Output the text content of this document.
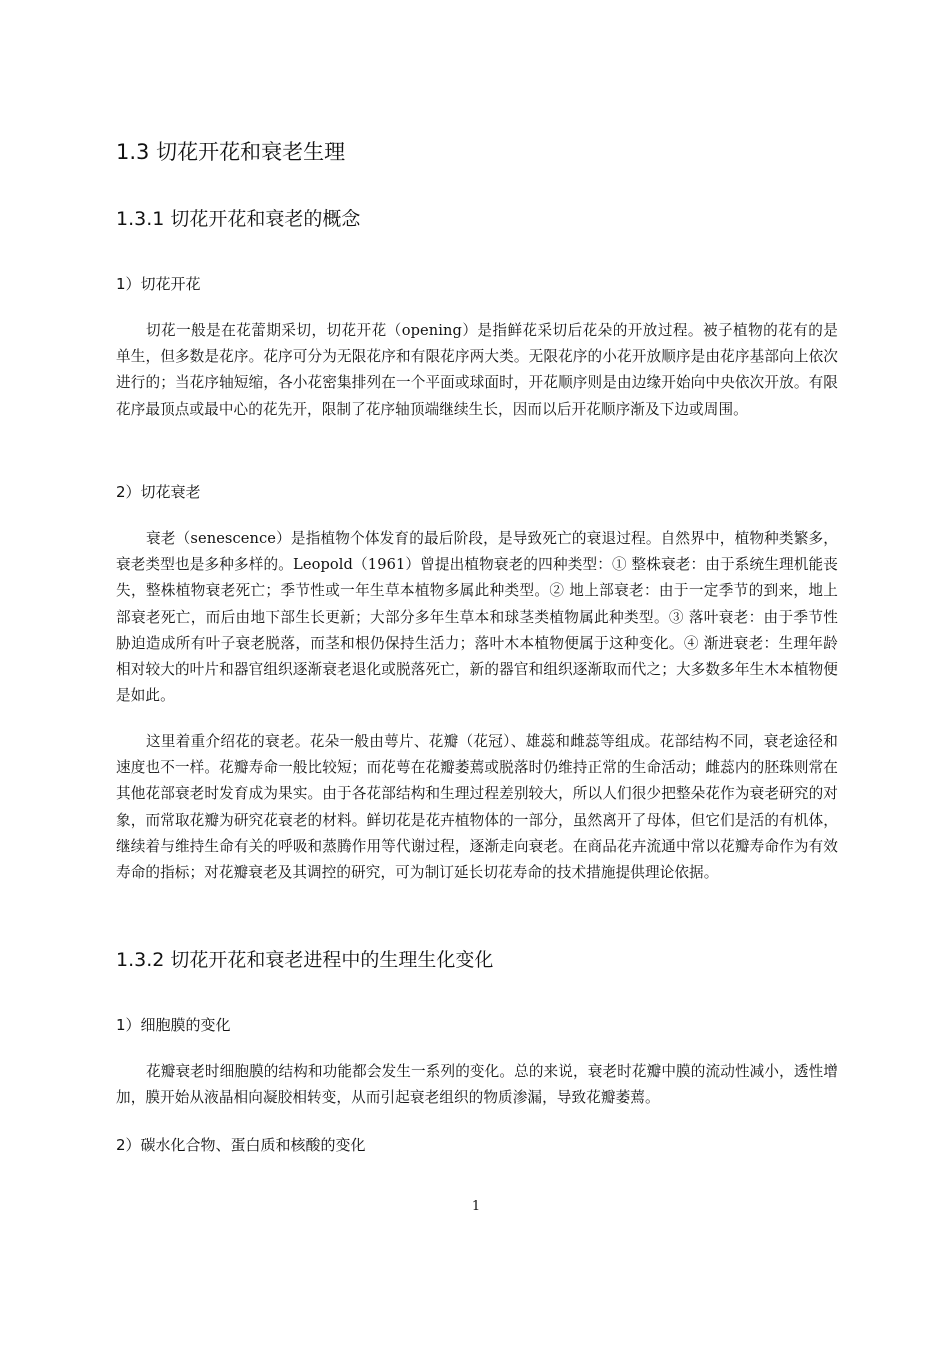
1.3 切花开花和衰老生理
1.3.1 切花开花和衰老的概念
1）切花开花

切花一般是在花蕾期采切，切花开花（opening）是指鲜花采切后花朵的开放过程。被子植物的花有的是单生，但多数是花序。花序可分为无限花序和有限花序两大类。无限花序的小花开放顺序是由花序基部向上依次进行的；当花序轴短缩，各小花密集排列在一个平面或球面时，开花顺序则是由边缘开始向中央依次开放。有限花序最顶点或最中心的花先开，限制了花序轴顶端继续生长，因而以后开花顺序渐及下边或周围。

2）切花衰老

衰老（senescence）是指植物个体发育的最后阶段，是导致死亡的衰退过程。自然界中，植物种类繁多，衰老类型也是多种多样的。Leopold（1961）曾提出植物衰老的四种类型：① 整株衰老：由于系统生理机能丧失，整株植物衰老死亡；季节性或一年生草本植物多属此种类型。② 地上部衰老：由于一定季节的到来，地上部衰老死亡，而后由地下部生长更新；大部分多年生草本和球茎类植物属此种类型。③ 落叶衰老：由于季节性胁迫造成所有叶子衰老脱落，而茎和根仍保持生活力；落叶木本植物便属于这种变化。④ 渐进衰老：生理年龄相对较大的叶片和器官组织逐渐衰老退化或脱落死亡，新的器官和组织逐渐取而代之；大多数多年生木本植物便是如此。

这里着重介绍花的衰老。花朵一般由萼片、花瓣（花冠）、雄蕊和雌蕊等组成。花部结构不同，衰老途径和速度也不一样。花瓣寿命一般比较短；而花萼在花瓣萎蔫或脱落时仍维持正常的生命活动；雌蕊内的胚珠则常在其他花部衰老时发育成为果实。由于各花部结构和生理过程差别较大，所以人们很少把整朵花作为衰老研究的对象，而常取花瓣为研究花衰老的材料。鲜切花是花卉植物体的一部分，虽然离开了母体，但它们是活的有机体，继续着与维持生命有关的呼吸和蒸腾作用等代谢过程，逐渐走向衰老。在商品花卉流通中常以花瓣寿命作为有效寿命的指标；对花瓣衰老及其调控的研究，可为制订延长切花寿命的技术措施提供理论依据。

1.3.2 切花开花和衰老进程中的生理生化变化
1）细胞膜的变化

花瓣衰老时细胞膜的结构和功能都会发生一系列的变化。总的来说，衰老时花瓣中膜的流动性减小，透性增加，膜开始从液晶相向凝胶相转变，从而引起衰老组织的物质渗漏，导致花瓣萎蔫。

2）碳水化合物、蛋白质和核酸的变化
1
